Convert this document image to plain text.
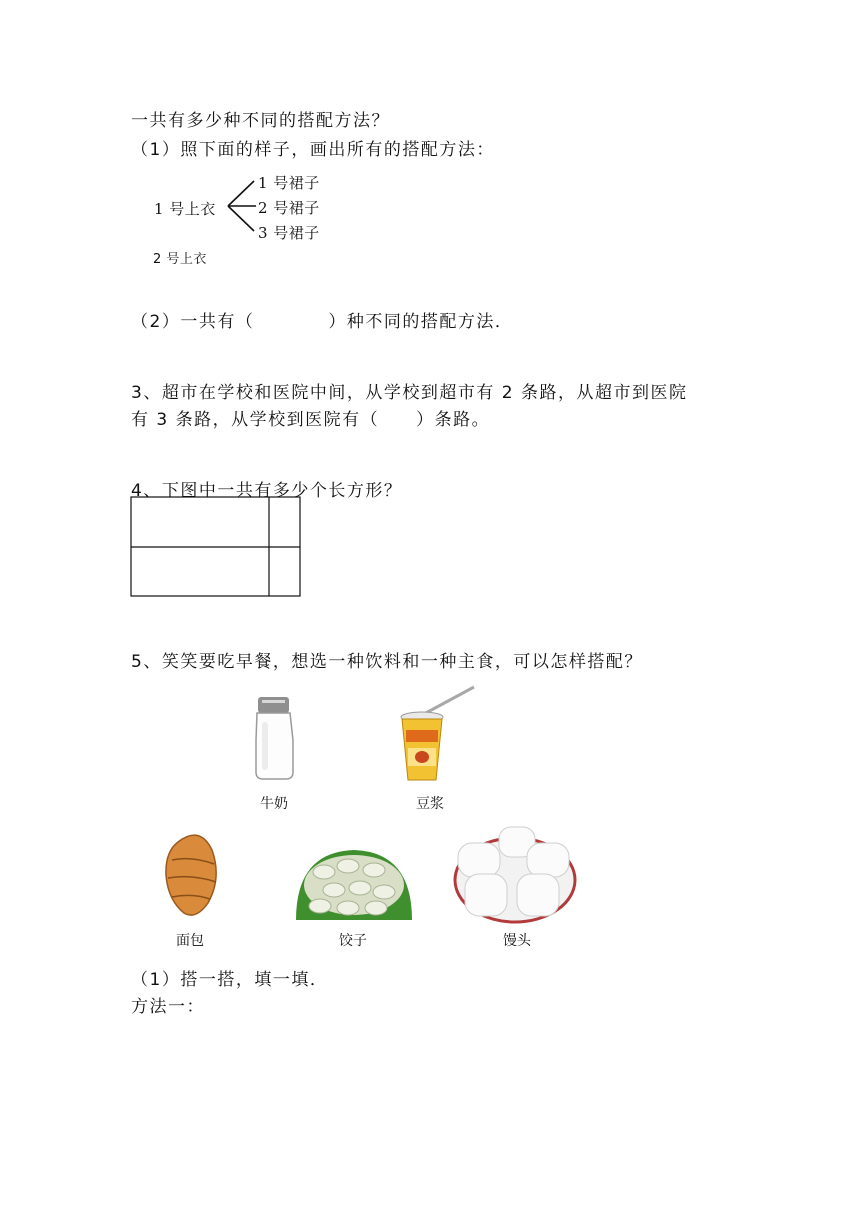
一共有多少种不同的搭配方法？
（1）照下面的样子，画出所有的搭配方法：
1 号上衣
1 号裙子
2 号裙子
3 号裙子
2 号上衣
（2）一共有（　　　　）种不同的搭配方法．
3、超市在学校和医院中间，从学校到超市有 2 条路，从超市到医院
有 3 条路，从学校到医院有（　　）条路。
4、下图中一共有多少个长方形？
5、笑笑要吃早餐，想选一种饮料和一种主食，可以怎样搭配？
牛奶	豆浆
面包	饺子	馒头
（1）搭一搭，填一填．
方法一：
